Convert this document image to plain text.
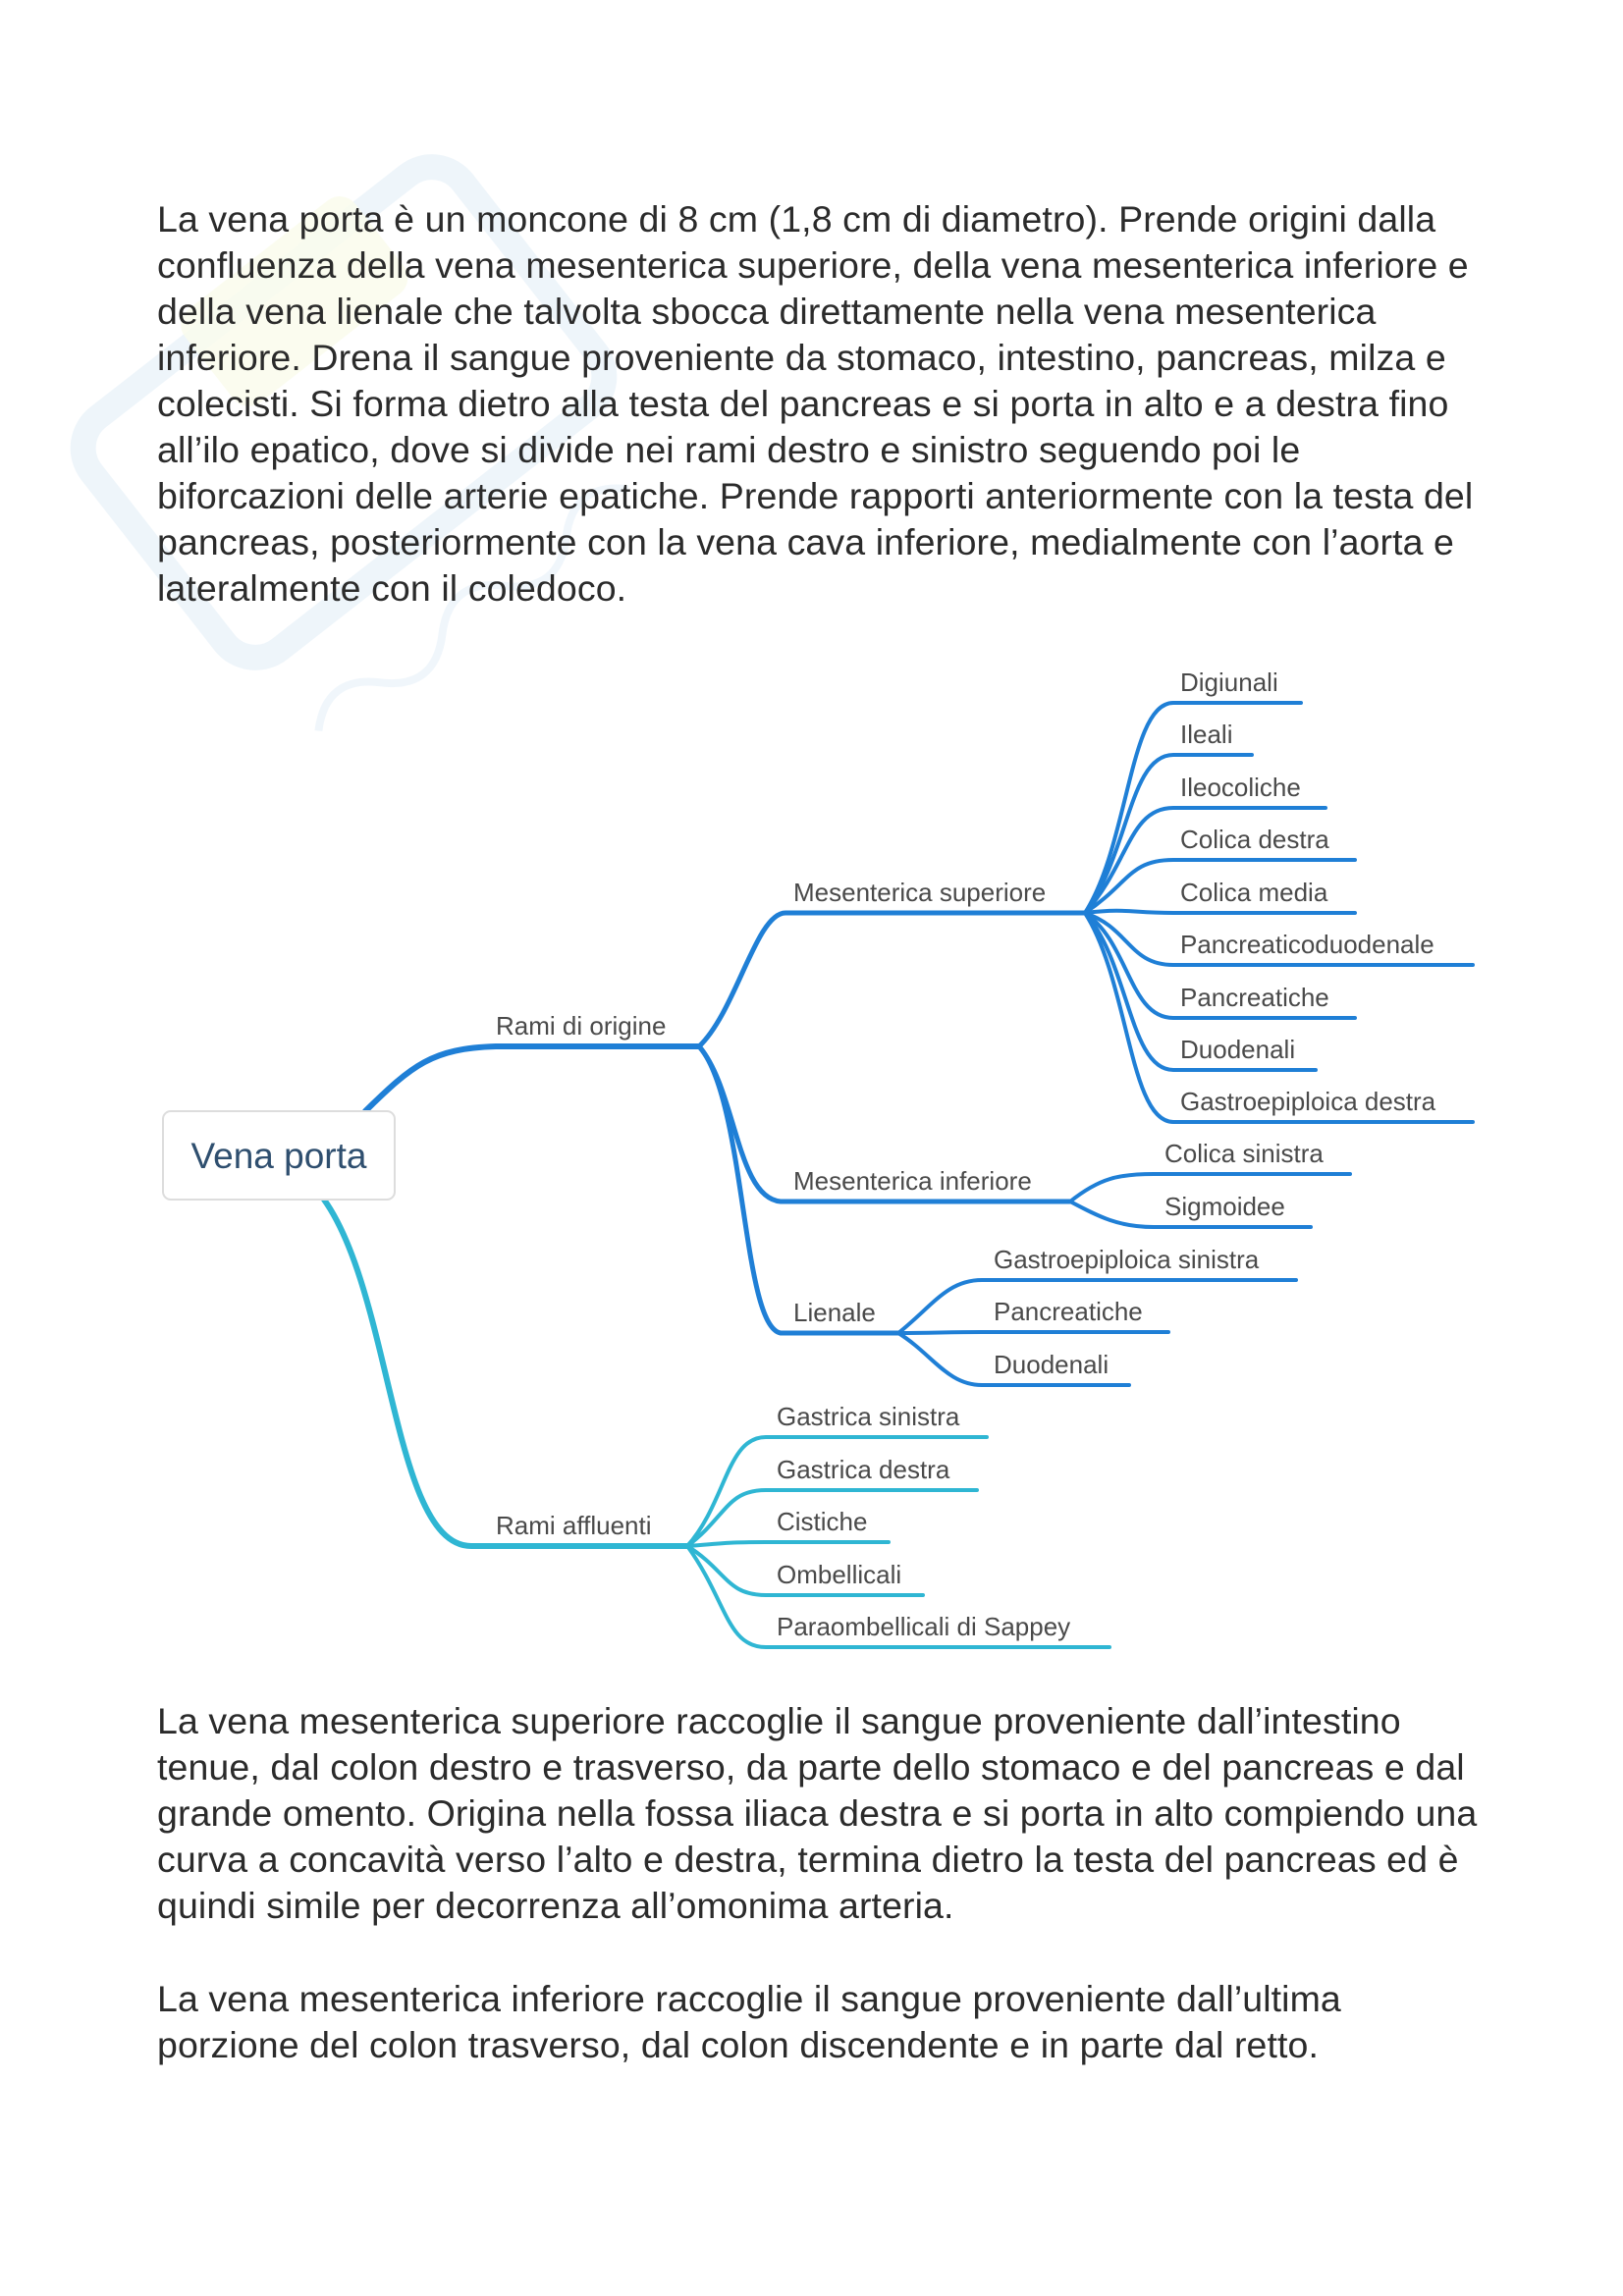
La vena porta è un moncone di 8 cm (1,8 cm di diametro). Prende origini dalla confluenza della vena mesenterica superiore, della vena mesenterica inferiore e della vena lienale che talvolta sbocca direttamente nella vena mesenterica inferiore. Drena il sangue proveniente da stomaco, intestino, pancreas, milza e colecisti. Si forma dietro alla testa del pancreas e si porta in alto e a destra fino all’ilo epatico, dove si divide nei rami destro e sinistro seguendo poi le biforcazioni delle arterie epatiche. Prende rapporti anteriormente con la testa del pancreas, posteriormente con la vena cava inferiore, medialmente con l’aorta e lateralmente con il coledoco.

Vena porta
Rami di origine
Rami affluenti
Mesenterica superiore
Mesenterica inferiore
Lienale
Digiunali
Ileali
Ileocoliche
Colica destra
Colica media
Pancreaticoduodenale
Pancreatiche
Duodenali
Gastroepiploica destra
Colica sinistra
Sigmoidee
Gastroepiploica sinistra
Pancreatiche
Duodenali
Gastrica sinistra
Gastrica destra
Cistiche
Ombellicali
Paraombellicali di Sappey

La vena mesenterica superiore raccoglie il sangue proveniente dall’intestino tenue, dal colon destro e trasverso, da parte dello stomaco e del pancreas e dal grande omento. Origina nella fossa iliaca destra e si porta in alto compiendo una curva a concavità verso l’alto e destra, termina dietro la testa del pancreas ed è quindi simile per decorrenza all’omonima arteria.

La vena mesenterica inferiore raccoglie il sangue proveniente dall’ultima porzione del colon trasverso, dal colon discendente e in parte dal retto.
